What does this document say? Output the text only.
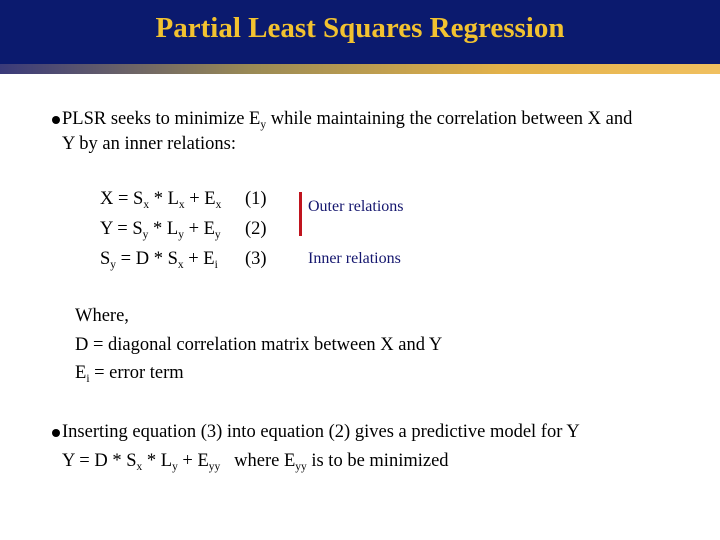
Partial Least Squares Regression
PLSR seeks to minimize $E_y$ while maintaining the correlation between X and
Y by an inner relations:
$X = S_x * L_x + E_x$ (1)
$Y = S_y * L_y + E_y$ (2)
$S_y = D * S_x + E_i$ (3)
Outer relations
Inner relations
Where,
D = diagonal correlation matrix between X and Y
$E_i$ = error term
Inserting equation (3) into equation (2) gives a predictive model for Y
$Y = D * S_x * L_y + E_{yy}$   where $E_{yy}$ is to be minimized
